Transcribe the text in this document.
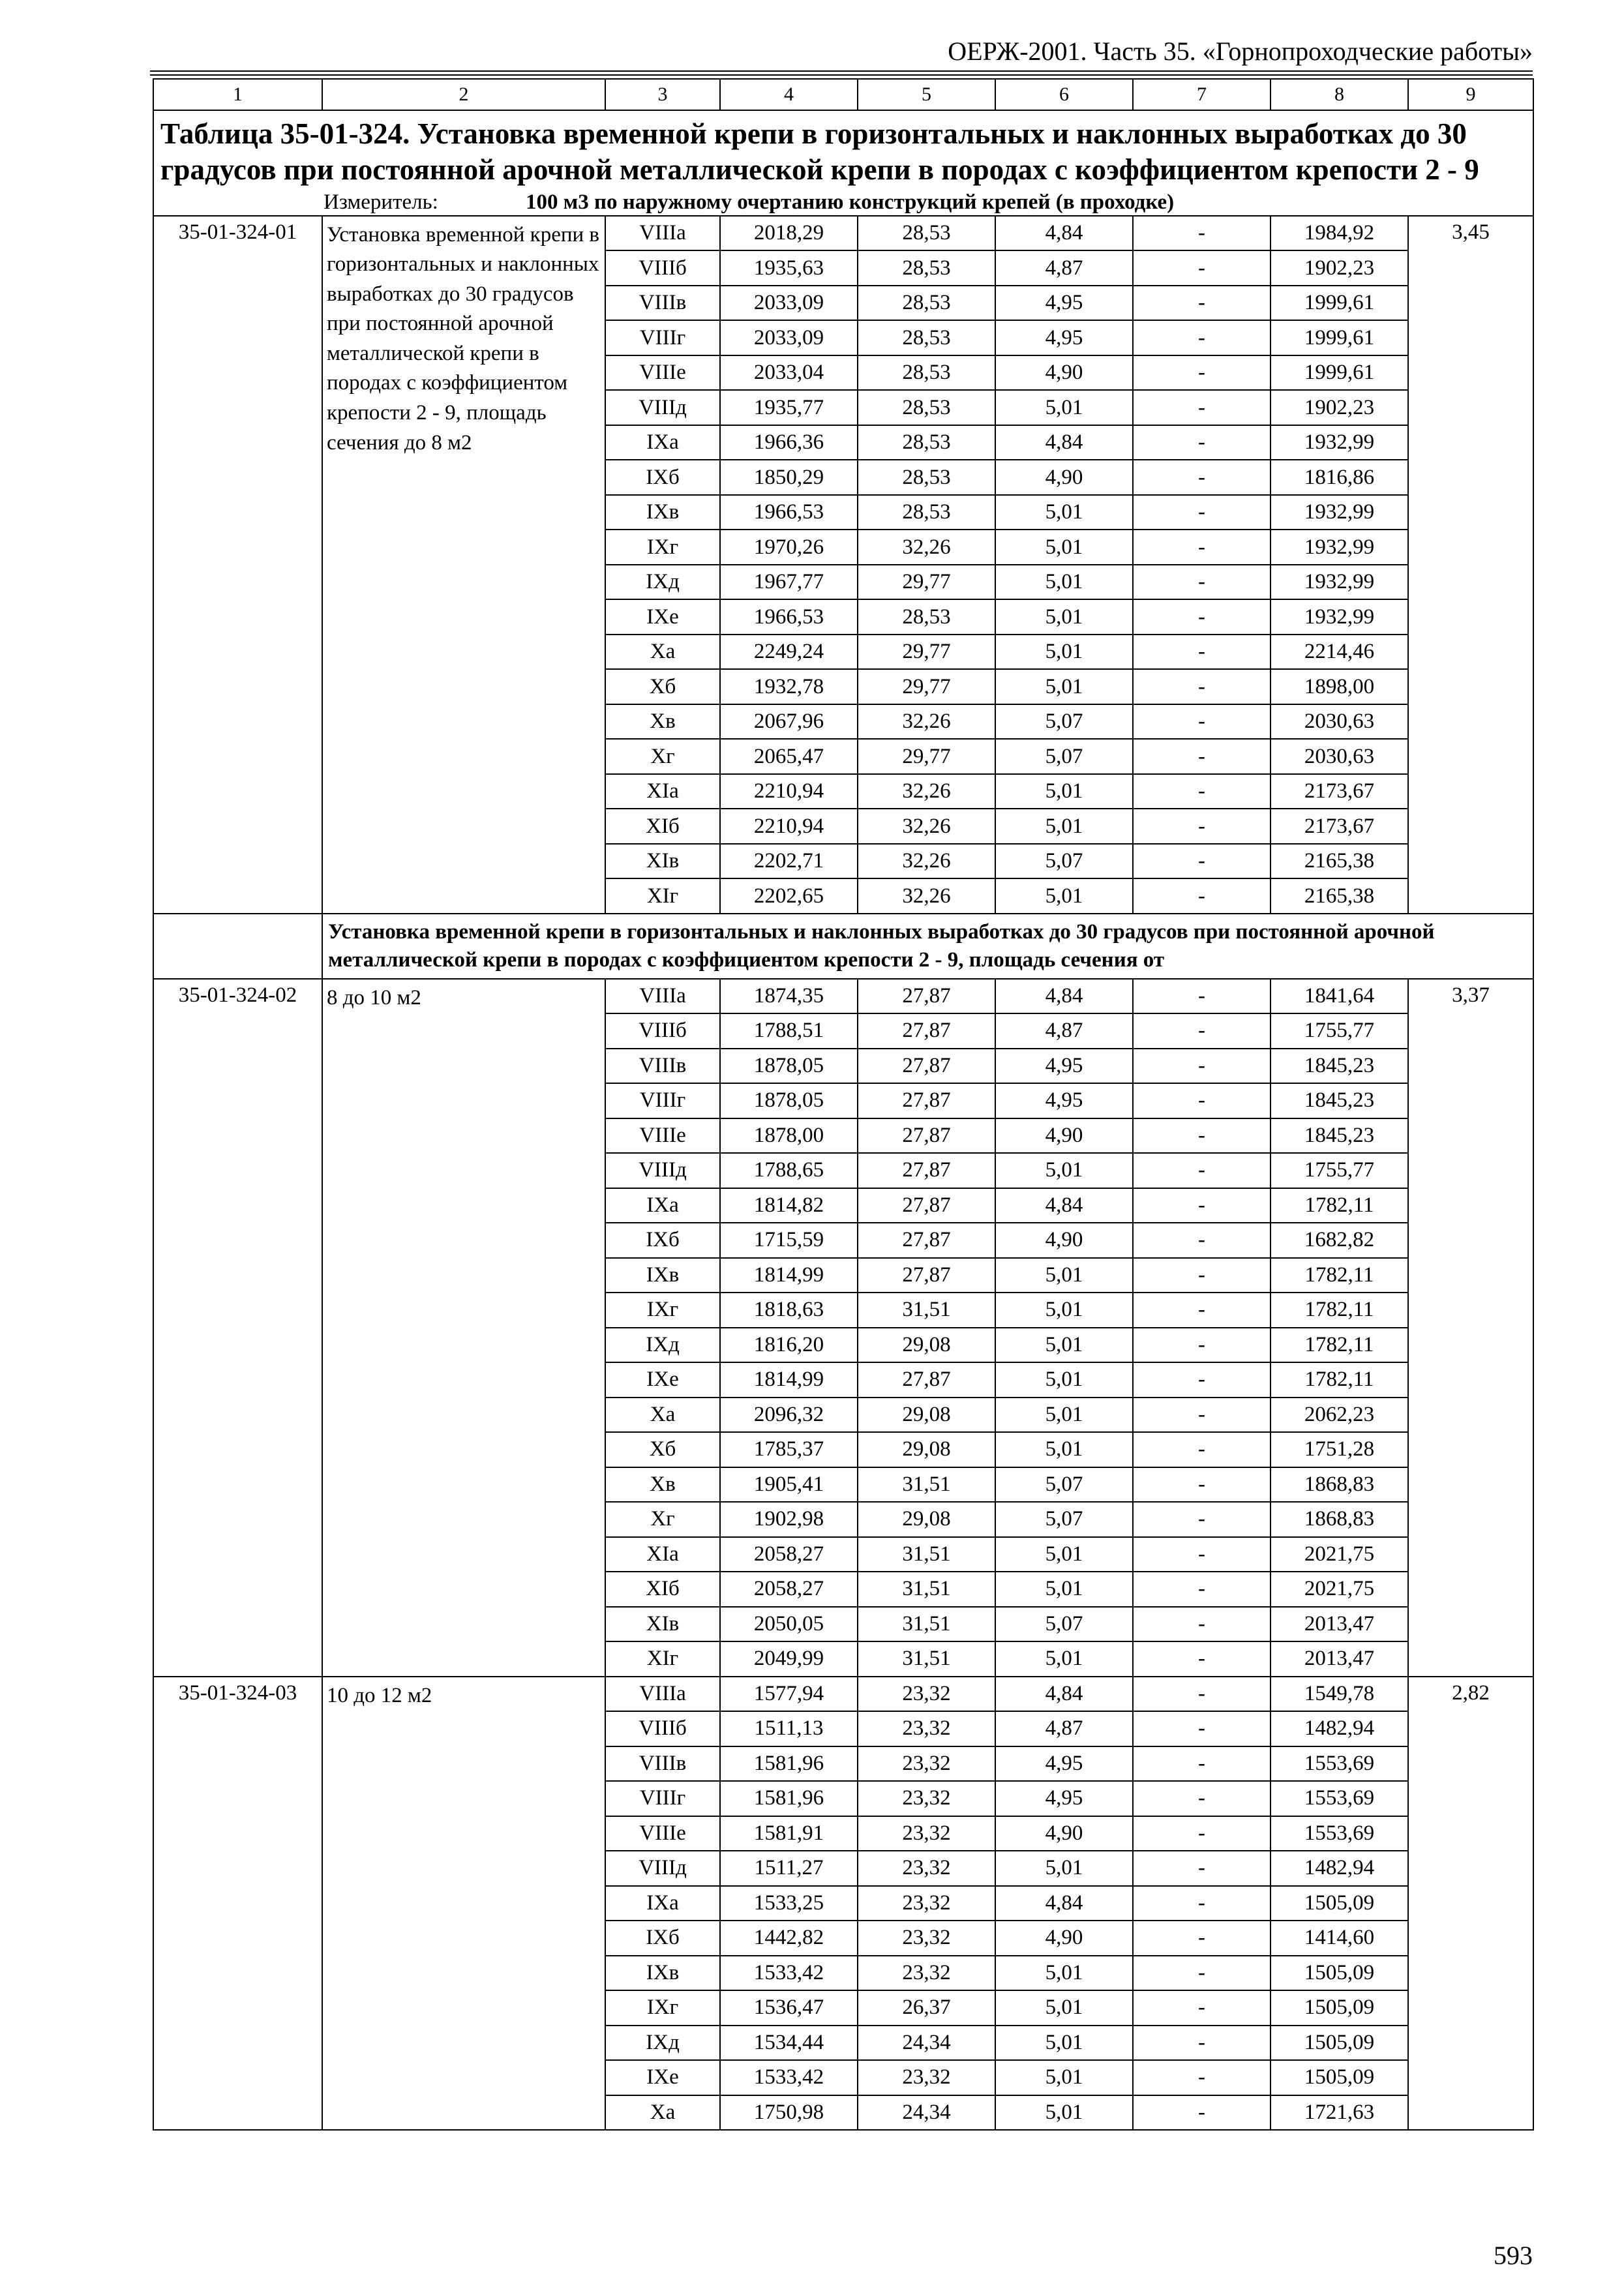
ОЕРЖ-2001. Часть 35. «Горнопроходческие работы»
1	2	3	4	5	6	7	8	9
Таблица 35-01-324. Установка временной крепи в горизонтальных и наклонных выработках до 30 градусов при постоянной арочной металлической крепи в породах с коэффициентом крепости 2 - 9								
Измеритель: 100 м3 по наружному очертанию конструкций крепей (в проходке)								
35-01-324-01	Установка временной крепи в горизонтальных и наклонных выработках до 30 градусов при постоянной арочной металлической крепи в породах с коэффициентом крепости 2 - 9, площадь сечения до 8 м2	VIIIа	2018,29	28,53	4,84	-	1984,92	3,45
		VIIIб	1935,63	28,53	4,87	-	1902,23	
		VIIIв	2033,09	28,53	4,95	-	1999,61	
		VIIIг	2033,09	28,53	4,95	-	1999,61	
		VIIIе	2033,04	28,53	4,90	-	1999,61	
		VIIIд	1935,77	28,53	5,01	-	1902,23	
		IXа	1966,36	28,53	4,84	-	1932,99	
		IXб	1850,29	28,53	4,90	-	1816,86	
		IXв	1966,53	28,53	5,01	-	1932,99	
		IXг	1970,26	32,26	5,01	-	1932,99	
		IXд	1967,77	29,77	5,01	-	1932,99	
		IXе	1966,53	28,53	5,01	-	1932,99	
		Xа	2249,24	29,77	5,01	-	2214,46	
		Xб	1932,78	29,77	5,01	-	1898,00	
		Xв	2067,96	32,26	5,07	-	2030,63	
		Xг	2065,47	29,77	5,07	-	2030,63	
		XIа	2210,94	32,26	5,01	-	2173,67	
		XIб	2210,94	32,26	5,01	-	2173,67	
		XIв	2202,71	32,26	5,07	-	2165,38	
		XIг	2202,65	32,26	5,01	-	2165,38	
	Установка временной крепи в горизонтальных и наклонных выработках до 30 градусов при постоянной арочной металлической крепи в породах с коэффициентом крепости 2 - 9, площадь сечения от							
35-01-324-02	8 до 10 м2	VIIIа	1874,35	27,87	4,84	-	1841,64	3,37
		VIIIб	1788,51	27,87	4,87	-	1755,77	
		VIIIв	1878,05	27,87	4,95	-	1845,23	
		VIIIг	1878,05	27,87	4,95	-	1845,23	
		VIIIе	1878,00	27,87	4,90	-	1845,23	
		VIIIд	1788,65	27,87	5,01	-	1755,77	
		IXа	1814,82	27,87	4,84	-	1782,11	
		IXб	1715,59	27,87	4,90	-	1682,82	
		IXв	1814,99	27,87	5,01	-	1782,11	
		IXг	1818,63	31,51	5,01	-	1782,11	
		IXд	1816,20	29,08	5,01	-	1782,11	
		IXе	1814,99	27,87	5,01	-	1782,11	
		Xа	2096,32	29,08	5,01	-	2062,23	
		Xб	1785,37	29,08	5,01	-	1751,28	
		Xв	1905,41	31,51	5,07	-	1868,83	
		Xг	1902,98	29,08	5,07	-	1868,83	
		XIа	2058,27	31,51	5,01	-	2021,75	
		XIб	2058,27	31,51	5,01	-	2021,75	
		XIв	2050,05	31,51	5,07	-	2013,47	
		XIг	2049,99	31,51	5,01	-	2013,47	
35-01-324-03	10 до 12 м2	VIIIа	1577,94	23,32	4,84	-	1549,78	2,82
		VIIIб	1511,13	23,32	4,87	-	1482,94	
		VIIIв	1581,96	23,32	4,95	-	1553,69	
		VIIIг	1581,96	23,32	4,95	-	1553,69	
		VIIIе	1581,91	23,32	4,90	-	1553,69	
		VIIIд	1511,27	23,32	5,01	-	1482,94	
		IXа	1533,25	23,32	4,84	-	1505,09	
		IXб	1442,82	23,32	4,90	-	1414,60	
		IXв	1533,42	23,32	5,01	-	1505,09	
		IXг	1536,47	26,37	5,01	-	1505,09	
		IXд	1534,44	24,34	5,01	-	1505,09	
		IXе	1533,42	23,32	5,01	-	1505,09	
		Xа	1750,98	24,34	5,01	-	1721,63	
593
